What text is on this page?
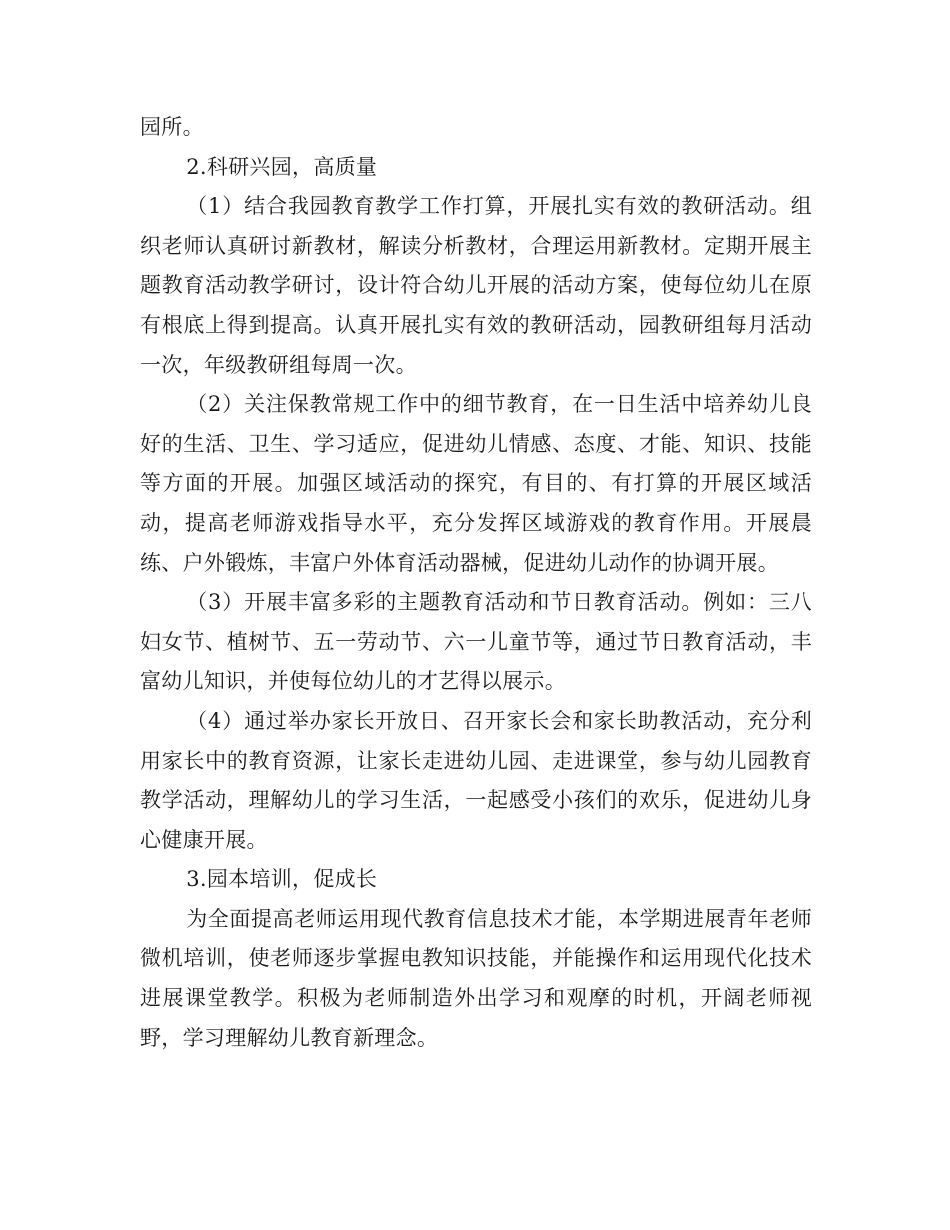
园所。

2.科研兴园，高质量

（1）结合我园教育教学工作打算，开展扎实有效的教研活动。组织老师认真研讨新教材，解读分析教材，合理运用新教材。定期开展主题教育活动教学研讨，设计符合幼儿开展的活动方案，使每位幼儿在原有根底上得到提高。认真开展扎实有效的教研活动，园教研组每月活动一次，年级教研组每周一次。

（2）关注保教常规工作中的细节教育，在一日生活中培养幼儿良好的生活、卫生、学习适应，促进幼儿情感、态度、才能、知识、技能等方面的开展。加强区域活动的探究，有目的、有打算的开展区域活动，提高老师游戏指导水平，充分发挥区域游戏的教育作用。开展晨练、户外锻炼，丰富户外体育活动器械，促进幼儿动作的协调开展。

（3）开展丰富多彩的主题教育活动和节日教育活动。例如：三八妇女节、植树节、五一劳动节、六一儿童节等，通过节日教育活动，丰富幼儿知识，并使每位幼儿的才艺得以展示。

（4）通过举办家长开放日、召开家长会和家长助教活动，充分利用家长中的教育资源，让家长走进幼儿园、走进课堂，参与幼儿园教育教学活动，理解幼儿的学习生活，一起感受小孩们的欢乐，促进幼儿身心健康开展。

3.园本培训，促成长

为全面提高老师运用现代教育信息技术才能，本学期进展青年老师微机培训，使老师逐步掌握电教知识技能，并能操作和运用现代化技术进展课堂教学。积极为老师制造外出学习和观摩的时机，开阔老师视野，学习理解幼儿教育新理念。
